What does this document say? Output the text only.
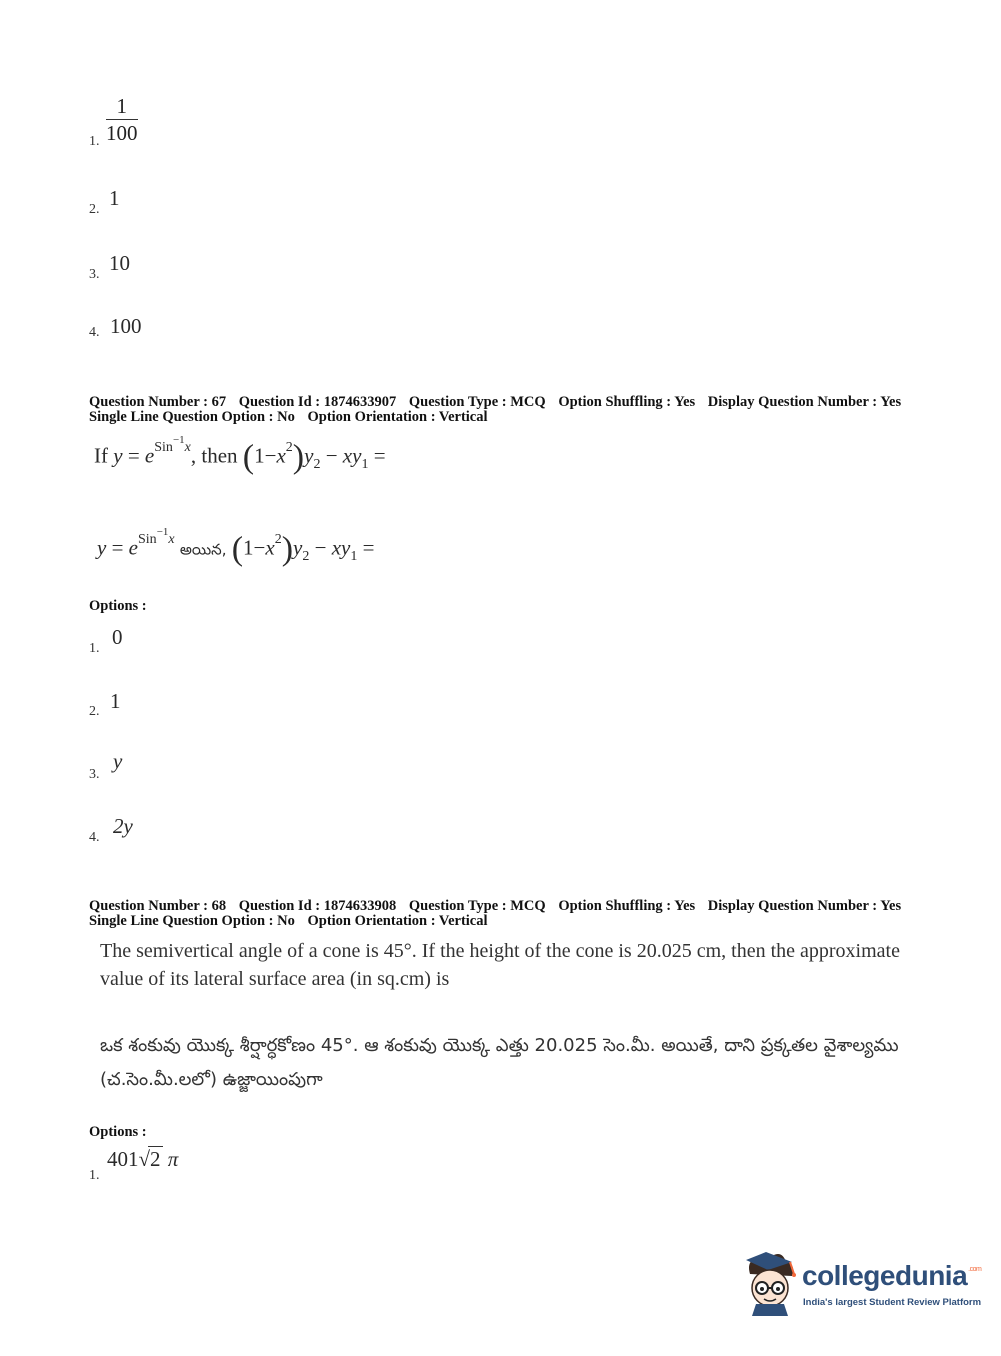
1. $\frac{1}{100}$
2. 1
3. 10
4. 100
Question Number : 67 Question Id : 1874633907 Question Type : MCQ Option Shuffling : Yes Display Question Number : Yes
Single Line Question Option : No Option Orientation : Vertical
If $y = e^{Sin^{-1}x}$, then $(1-x^2)y_2 - xy_1$ =
$y = e^{Sin^{-1}x}$ అయిన, $(1-x^2)y_2 - xy_1$ =
Options :
1. 0
2. 1
3.
y
4. 2y
Question Number : 68 Question Id : 1874633908 Question Type : MCQ Option Shuffling : Yes Display Question Number : Yes
Single Line Question Option : No Option Orientation : Vertical
The semivertical angle of a cone is 45°. If the height of the cone is 20.025 cm, then the approximate value of its lateral surface area (in sq.cm) is
ఒక శంకువు యొక్క శీర్షార్ధకోణం 45°. ఆ శంకువు యొక్క ఎత్తు 20.025 సెం.మీ. అయితే, దాని ప్రక్కతల వైశాల్యము (చ.సెం.మీ.లలో) ఉజ్జాయింపుగా
Options :
1.
401√2 π
collegedunia$^{.com}$
India's largest Student Review Platform
